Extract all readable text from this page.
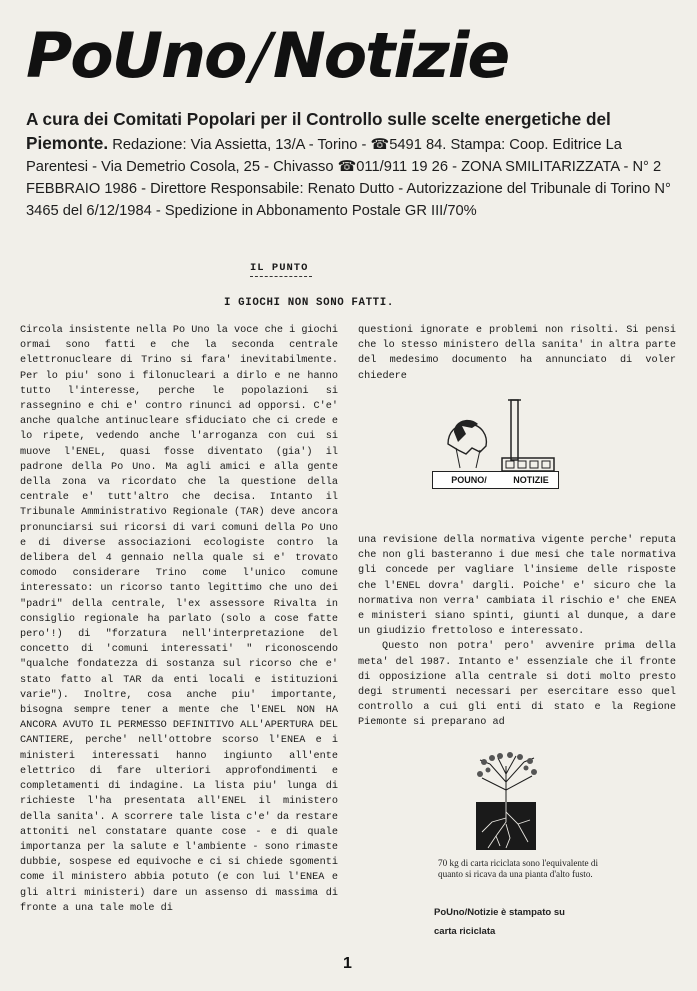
PoUno/Notizie
A cura dei Comitati Popolari per il Controllo sulle scelte energetiche del Piemonte. Redazione: Via Assietta, 13/A - Torino - ☎5491 84. Stampa: Coop. Editrice La Parentesi - Via Demetrio Cosola, 25 - Chivasso ☎011/911 19 26 - ZONA SMILITARIZZATA - N° 2 FEBBRAIO 1986 - Direttore Responsabile: Renato Dutto - Autorizzazione del Tribunale di Torino N° 3465 del 6/12/1984 - Spedizione in Abbonamento Postale GR III/70%
IL PUNTO
I GIOCHI NON SONO FATTI.
Circola insistente nella Po Uno la voce che i giochi ormai sono fatti e che la seconda centrale elettronucleare di Trino si fara' inevitabilmente. Per lo piu' sono i filonucleari a dirlo e ne hanno tutto l'interesse, perche le popolazioni si rassegnino e chi e' contro rinunci ad opporsi. C'e' anche qualche antinucleare sfiduciato che ci crede e lo ripete, vedendo anche l'arroganza con cui si muove l'ENEL, quasi fosse diventato (gia') il padrone della Po Uno. Ma agli amici e alla gente della zona va ricordato che la questione della centrale e' tutt'altro che decisa. Intanto il Tribunale Amministrativo Regionale (TAR) deve ancora pronunciarsi sui ricorsi di vari comuni della Po Uno e di diverse associazioni ecologiste contro la delibera del 4 gennaio nella quale si e' trovato comodo considerare Trino come l'unico comune interessato: un ricorso tanto legittimo che uno dei "padri" della centrale, l'ex assessore Rivalta in consiglio regionale ha parlato (solo a cose fatte pero'!) di "forzatura nell'interpretazione del concetto di 'comuni interessati' " riconoscendo "qualche fondatezza di sostanza sul ricorso che e' stato fatto al TAR da enti locali e istituzioni varie"). Inoltre, cosa anche piu' importante, bisogna sempre tener a mente che l'ENEL NON HA ANCORA AVUTO IL PERMESSO DEFINITIVO ALL'APERTURA DEL CANTIERE, perche' nell'ottobre scorso l'ENEA e i ministeri interessati hanno ingiunto all'ente elettrico di fare ulteriori approfondimenti e completamenti di indagine. La lista piu' lunga di richieste l'ha presentata all'ENEL il ministero della sanita'. A scorrere tale lista c'e' da restare attoniti nel constatare quante cose - e di quale importanza per la salute e l'ambiente - sono rimaste dubbie, sospese ed equivoche e ci si chiede sgomenti come il ministero abbia potuto (e con lui l'ENEA e gli altri ministeri) dare un assenso di massima di fronte a una tale mole di
questioni ignorate e problemi non risolti. Si pensi che lo stesso ministero della sanita' in altra parte del medesimo documento ha annunciato di voler chiedere
POUNO/	NOTIZIE
una revisione della normativa vigente perche' reputa che non gli basteranno i due mesi che tale normativa gli concede per vagliare l'insieme delle risposte che l'ENEL dovra' dargli. Poiche' e' sicuro che la normativa non verra' cambiata il rischio e' che ENEA e ministeri siano spinti, giunti al dunque, a dare un giudizio frettoloso e interessato.
Questo non potra' pero' avvenire prima della meta' del 1987. Intanto e' essenziale che il fronte di opposizione alla centrale si doti molto presto degi strumenti necessari per esercitare esso quel controllo a cui gli enti di stato e la Regione Piemonte si preparano ad
70 kg di carta riciclata sono l'equivalente di quanto si ricava da una pianta d'alto fusto.
PoUno/Notizie è stampato su
carta riciclata
1
